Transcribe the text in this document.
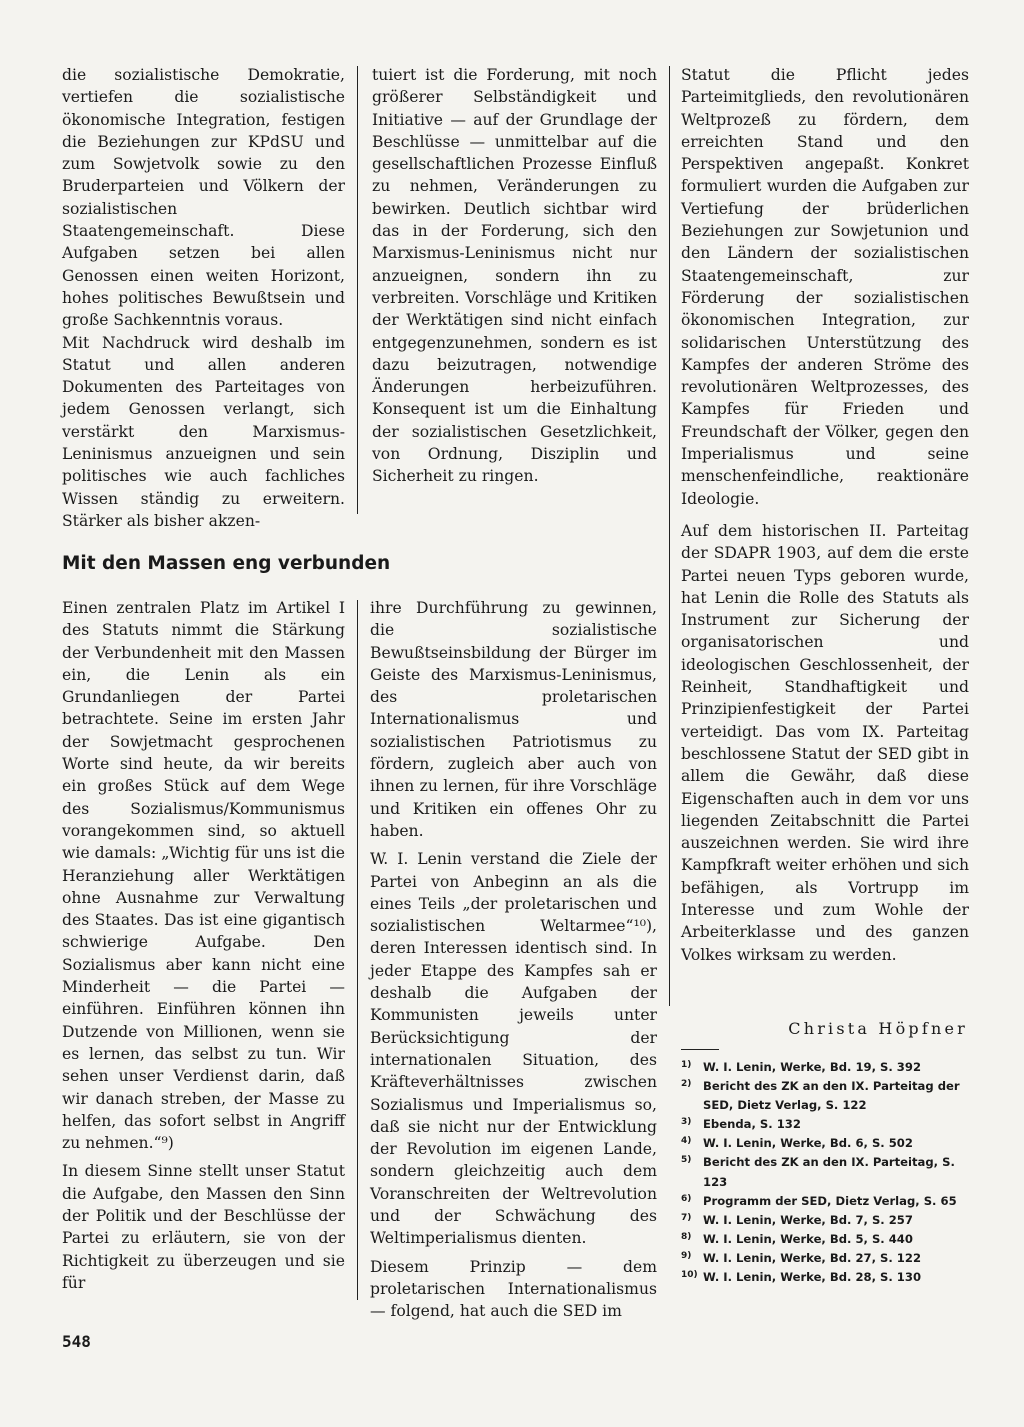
die sozialistische Demokratie, vertiefen die sozialistische ökonomische Integration, festigen die Beziehungen zur KPdSU und zum Sowjetvolk sowie zu den Bruderparteien und Völkern der sozialistischen Staatengemeinschaft. Diese Aufgaben setzen bei allen Genossen einen weiten Horizont, hohes politisches Bewußtsein und große Sachkenntnis voraus.

Mit Nachdruck wird deshalb im Statut und allen anderen Dokumenten des Parteitages von jedem Genossen verlangt, sich verstärkt den Marxismus-Leninismus anzueignen und sein politisches wie auch fachliches Wissen ständig zu erweitern. Stärker als bisher akzen-

tuiert ist die Forderung, mit noch größerer Selbständigkeit und Initiative — auf der Grundlage der Beschlüsse — unmittelbar auf die gesellschaftlichen Prozesse Einfluß zu nehmen, Veränderungen zu bewirken. Deutlich sichtbar wird das in der Forderung, sich den Marxismus-Leninismus nicht nur anzueignen, sondern ihn zu verbreiten. Vorschläge und Kritiken der Werktätigen sind nicht einfach entgegenzunehmen, sondern es ist dazu beizutragen, notwendige Änderungen herbeizuführen. Konsequent ist um die Einhaltung der sozialistischen Gesetzlichkeit, von Ordnung, Disziplin und Sicherheit zu ringen.

Mit den Massen eng verbunden

Einen zentralen Platz im Artikel I des Statuts nimmt die Stärkung der Verbundenheit mit den Massen ein, die Lenin als ein Grundanliegen der Partei betrachtete. Seine im ersten Jahr der Sowjetmacht gesprochenen Worte sind heute, da wir bereits ein großes Stück auf dem Wege des Sozialismus/Kommunismus vorangekommen sind, so aktuell wie damals: „Wichtig für uns ist die Heranziehung aller Werktätigen ohne Ausnahme zur Verwaltung des Staates. Das ist eine gigantisch schwierige Aufgabe. Den Sozialismus aber kann nicht eine Minderheit — die Partei — einführen. Einführen können ihn Dutzende von Millionen, wenn sie es lernen, das selbst zu tun. Wir sehen unser Verdienst darin, daß wir danach streben, der Masse zu helfen, das sofort selbst in Angriff zu nehmen.“⁹)

In diesem Sinne stellt unser Statut die Aufgabe, den Massen den Sinn der Politik und der Beschlüsse der Partei zu erläutern, sie von der Richtigkeit zu überzeugen und sie für

ihre Durchführung zu gewinnen, die sozialistische Bewußtseinsbildung der Bürger im Geiste des Marxismus-Leninismus, des proletarischen Internationalismus und sozialistischen Patriotismus zu fördern, zugleich aber auch von ihnen zu lernen, für ihre Vorschläge und Kritiken ein offenes Ohr zu haben.

W. I. Lenin verstand die Ziele der Partei von Anbeginn an als die eines Teils „der proletarischen und sozialistischen Weltarmee“¹⁰), deren Interessen identisch sind. In jeder Etappe des Kampfes sah er deshalb die Aufgaben der Kommunisten jeweils unter Berücksichtigung der internationalen Situation, des Kräfteverhältnisses zwischen Sozialismus und Imperialismus so, daß sie nicht nur der Entwicklung der Revolution im eigenen Lande, sondern gleichzeitig auch dem Voranschreiten der Weltrevolution und der Schwächung des Weltimperialismus dienten.

Diesem Prinzip — dem proletarischen Internationalismus — folgend, hat auch die SED im

Statut die Pflicht jedes Parteimitglieds, den revolutionären Weltprozeß zu fördern, dem erreichten Stand und den Perspektiven angepaßt. Konkret formuliert wurden die Aufgaben zur Vertiefung der brüderlichen Beziehungen zur Sowjetunion und den Ländern der sozialistischen Staatengemeinschaft, zur Förderung der sozialistischen ökonomischen Integration, zur solidarischen Unterstützung des Kampfes der anderen Ströme des revolutionären Weltprozesses, des Kampfes für Frieden und Freundschaft der Völker, gegen den Imperialismus und seine menschenfeindliche, reaktionäre Ideologie.

Auf dem historischen II. Parteitag der SDAPR 1903, auf dem die erste Partei neuen Typs geboren wurde, hat Lenin die Rolle des Statuts als Instrument zur Sicherung der organisatorischen und ideologischen Geschlossenheit, der Reinheit, Standhaftigkeit und Prinzipienfestigkeit der Partei verteidigt. Das vom IX. Parteitag beschlossene Statut der SED gibt in allem die Gewähr, daß diese Eigenschaften auch in dem vor uns liegenden Zeitabschnitt die Partei auszeichnen werden. Sie wird ihre Kampfkraft weiter erhöhen und sich befähigen, als Vortrupp im Interesse und zum Wohle der Arbeiterklasse und des ganzen Volkes wirksam zu werden.

Christa Höpfner
1)	W. I. Lenin, Werke, Bd. 19, S. 392
2)	Bericht des ZK an den IX. Parteitag der SED, Dietz Verlag, S. 122
3)	Ebenda, S. 132
4)	W. I. Lenin, Werke, Bd. 6, S. 502
5)	Bericht des ZK an den IX. Parteitag, S. 123
6)	Programm der SED, Dietz Verlag, S. 65
7)	W. I. Lenin, Werke, Bd. 7, S. 257
8)	W. I. Lenin, Werke, Bd. 5, S. 440
9)	W. I. Lenin, Werke, Bd. 27, S. 122
10) W. I. Lenin, Werke, Bd. 28, S. 130
548
